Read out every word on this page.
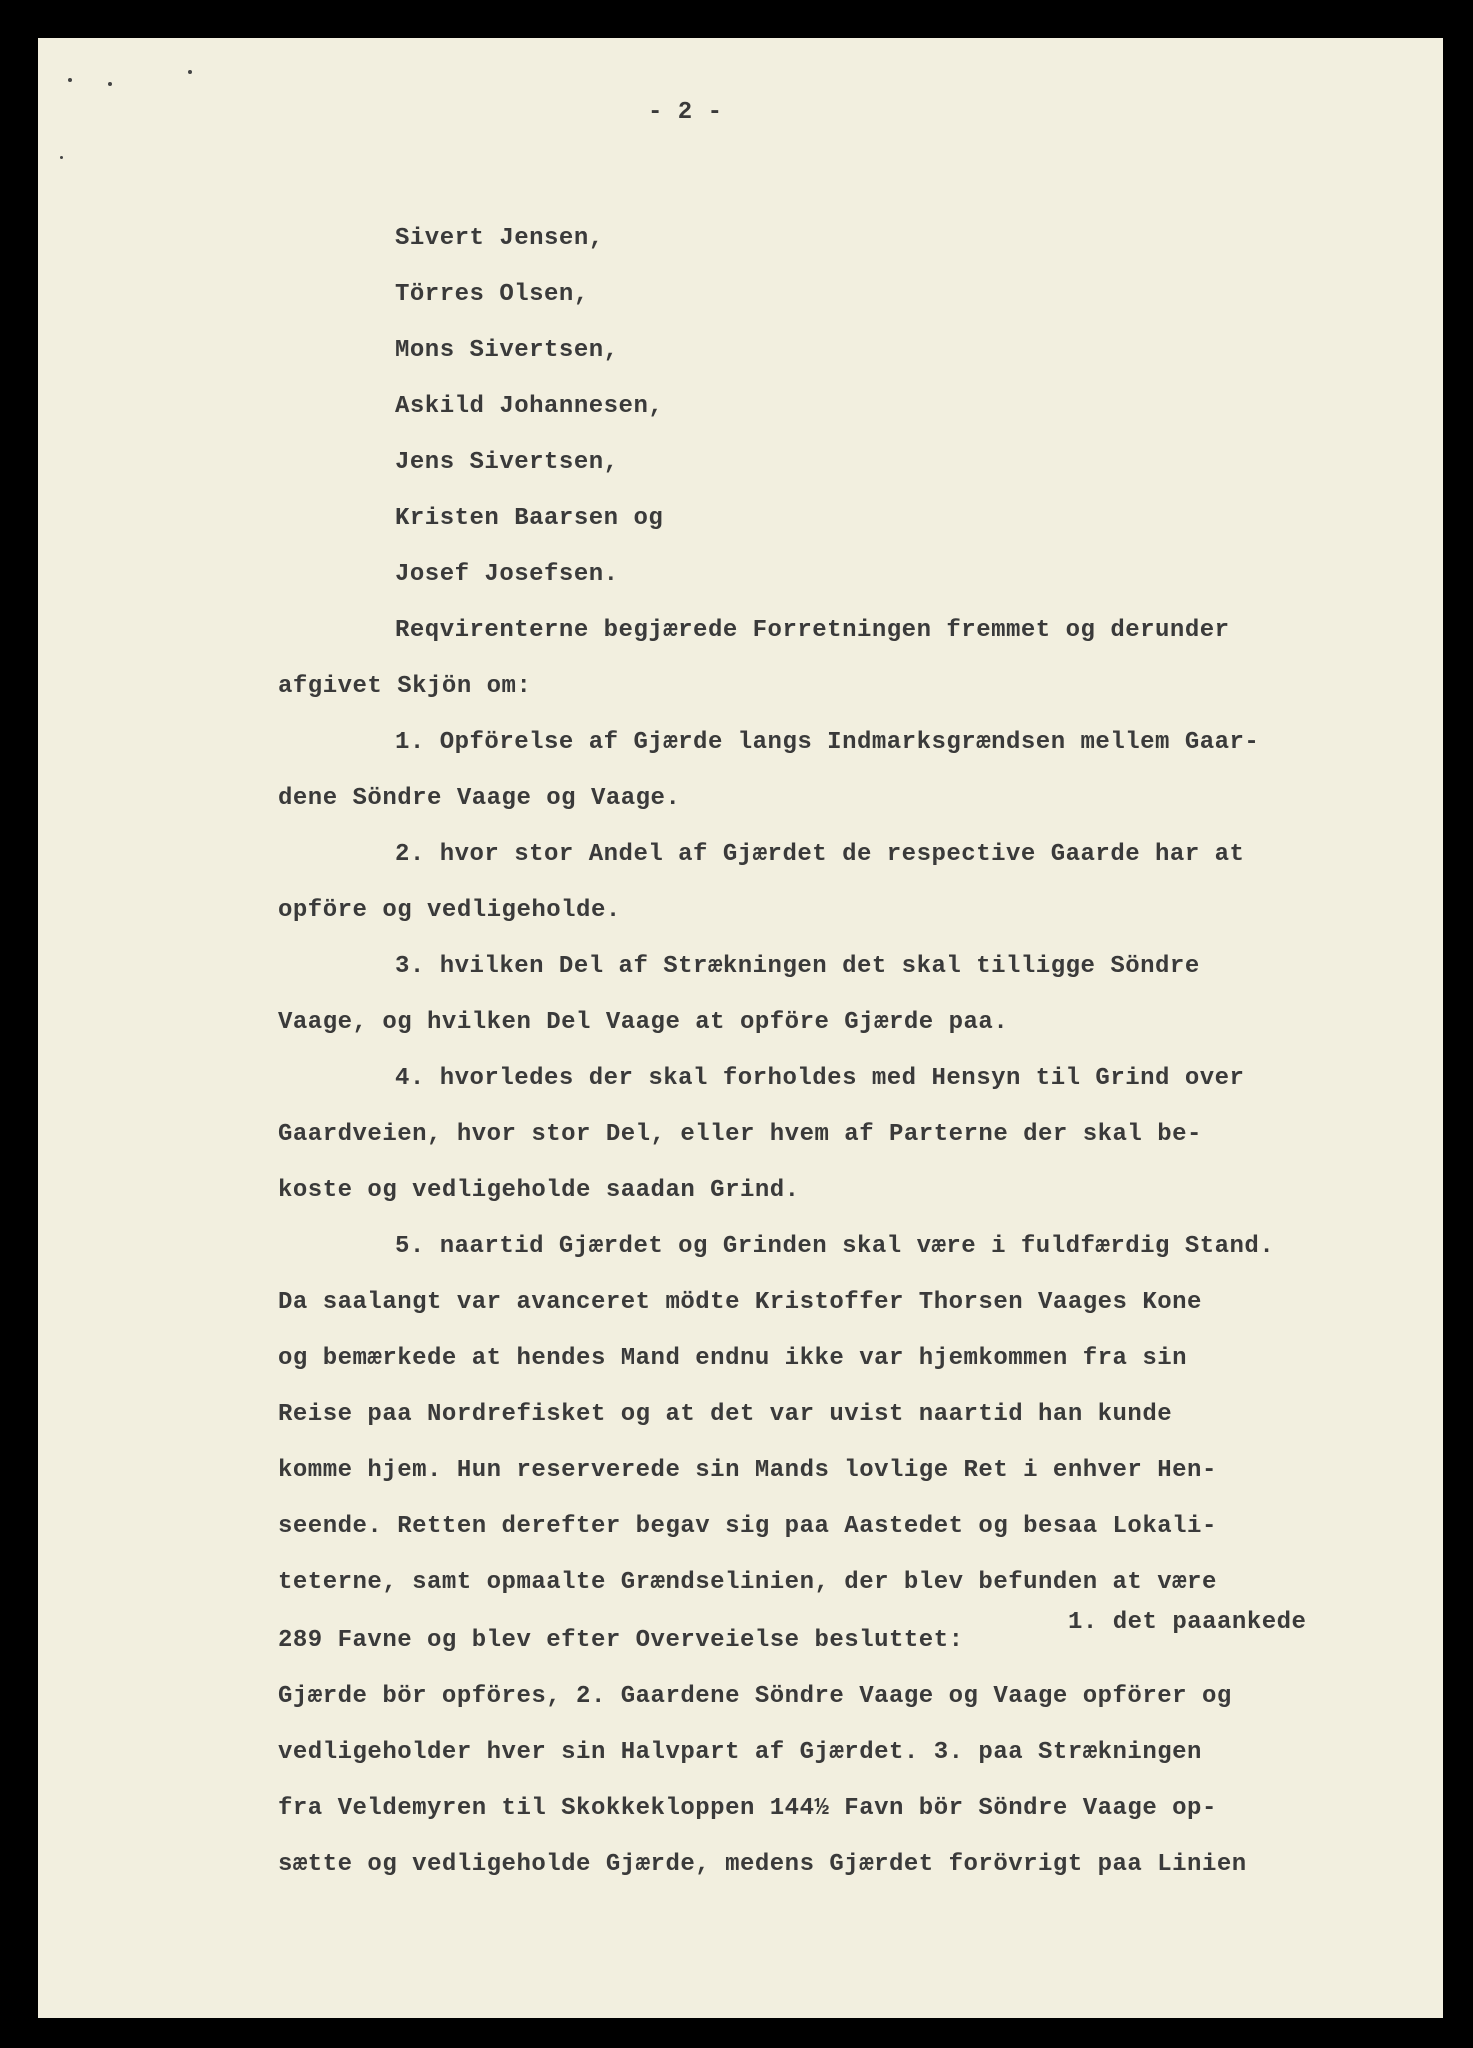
- 2 -
Sivert Jensen,
Törres Olsen,
Mons Sivertsen,
Askild Johannesen,
Jens Sivertsen,
Kristen Baarsen og
Josef Josefsen.
Reqvirenterne begjærede Forretningen fremmet og derunder
afgivet Skjön om:
1. Opförelse af Gjærde langs Indmarksgrændsen mellem Gaar-
dene Söndre Vaage og Vaage.
2. hvor stor Andel af Gjærdet de respective Gaarde har at
opföre og vedligeholde.
3. hvilken Del af Strækningen det skal tilligge Söndre
Vaage, og hvilken Del Vaage at opföre Gjærde paa.
4. hvorledes der skal forholdes med Hensyn til Grind over
Gaardveien, hvor stor Del, eller hvem af Parterne der skal be-
koste og vedligeholde saadan Grind.
5. naartid Gjærdet og Grinden skal være i fuldfærdig Stand.
Da saalangt var avanceret mödte Kristoffer Thorsen Vaages Kone
og bemærkede at hendes Mand endnu ikke var hjemkommen fra sin
Reise paa Nordrefisket og at det var uvist naartid han kunde
komme hjem. Hun reserverede sin Mands lovlige Ret i enhver Hen-
seende. Retten derefter begav sig paa Aastedet og besaa Lokali-
teterne, samt opmaalte Grændselinien, der blev befunden at være
289 Favne og blev efter Overveielse besluttet:
1. det paaankede
Gjærde bör opföres, 2. Gaardene Söndre Vaage og Vaage opförer og
vedligeholder hver sin Halvpart af Gjærdet. 3. paa Strækningen
fra Veldemyren til Skokkekloppen 144½ Favn bör Söndre Vaage op-
sætte og vedligeholde Gjærde, medens Gjærdet forövrigt paa Linien
